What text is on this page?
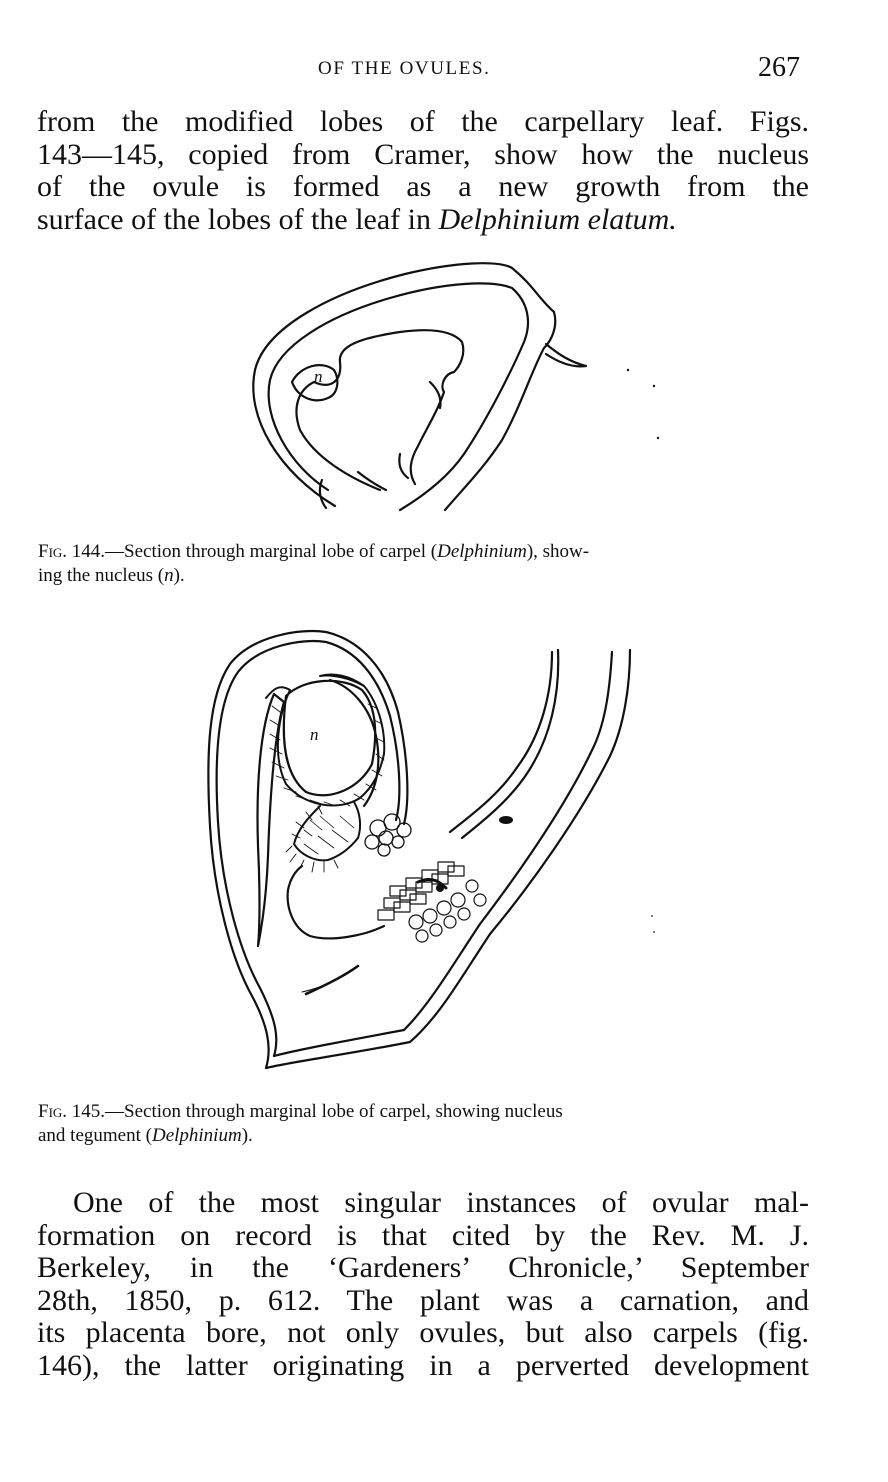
OF THE OVULES.	267
from the modified lobes of the carpellary leaf. Figs.
143—145, copied from Cramer, show how the nucleus
of the ovule is formed as a new growth from the
surface of the lobes of the leaf in Delphinium elatum.
n
Fig. 144.—Section through marginal lobe of carpel (Delphinium), show-
ing the nucleus (n).
n
Fig. 145.—Section through marginal lobe of carpel, showing nucleus
and tegument (Delphinium).
One of the most singular instances of ovular mal-
formation on record is that cited by the Rev. M. J.
Berkeley, in the ‘Gardeners’ Chronicle,’ September
28th, 1850, p. 612. The plant was a carnation, and
its placenta bore, not only ovules, but also carpels (fig.
146), the latter originating in a perverted development
